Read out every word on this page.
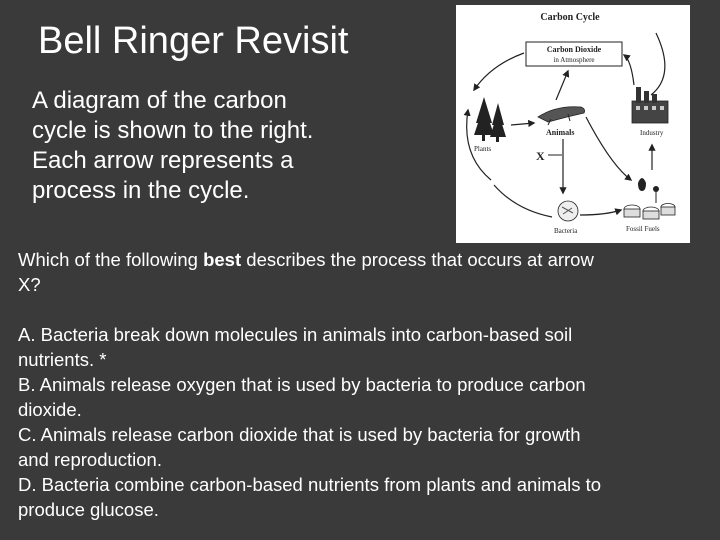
Bell Ringer Revisit
A diagram of the carbon
cycle is shown to the right.
Each arrow represents a
process in the cycle.
Carbon Cycle
Carbon Dioxide
in Atmosphere
Plants
Animals
X
Industry
Fossil Fuels
Bacteria
Which of the following best describes the process that occurs at arrow
X?
A. Bacteria break down molecules in animals into carbon-based soil
nutrients. *
B. Animals release oxygen that is used by bacteria to produce carbon
dioxide.
C. Animals release carbon dioxide that is used by bacteria for growth
and reproduction.
D. Bacteria combine carbon-based nutrients from plants and animals to
produce glucose.
